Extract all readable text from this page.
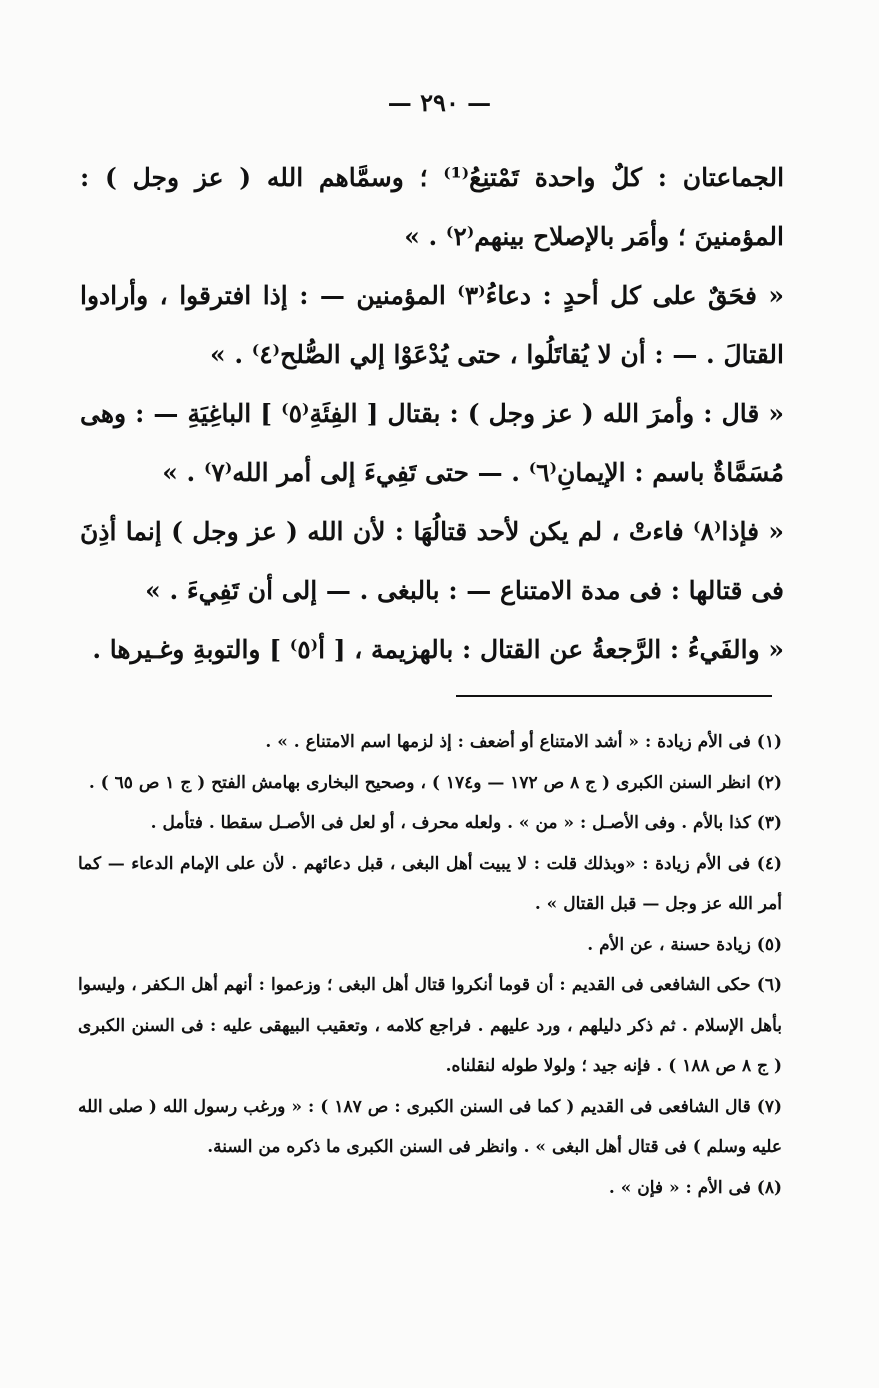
— ٢٩٠ —

الجماعتان : كلٌ واحدة تَمْتنِعُ⁽¹⁾ ؛ وسمَّاهم الله ( عز وجل ) : المؤمنينَ ؛ وأمَر بالإصلاح بينهم⁽٢⁾ . »

« فحَقٌ على كل أحدٍ : دعاءُ⁽٣⁾ المؤمنين — : إذا افترقوا ، وأرادوا القتالَ . — : أن لا يُقاتَلُوا ، حتى يُدْعَوْا إلي الصُّلح⁽٤⁾ . »

« قال : وأمرَ الله ( عز وجل ) : بقتال [ الفِئَةِ⁽٥⁾ ] الباغِيَةِ — : وهى مُسَمَّاةٌ باسم : الإيمانِ⁽٦⁾ . — حتى تَفِيءَ إلى أمر الله⁽٧⁾ . »

« فإذا⁽٨⁾ فاءتْ ، لم يكن لأحد قتالُهَا : لأن الله ( عز وجل ) إنما أذِنَ فى قتالها : فى مدة الامتناع — : بالبغى . — إلى أن تَفِيءَ . »

« والفَيءُ : الرَّجعةُ عن القتال : بالهزيمة ، [ أ⁽٥⁾ ] والتوبةِ وغـيرها .

(١) فى الأم زيادة : « أشد الامتناع أو أضعف : إذ لزمها اسم الامتناع . » .

(٢) انظر السنن الكبرى ( ج ٨ ص ١٧٢ — و١٧٤ ) ، وصحيح البخارى بهامش الفتح ( ج ١ ص ٦٥ ) .

(٣) كذا بالأم . وفى الأصـل : « من » . ولعله محرف ، أو لعل فى الأصـل سقطا . فتأمل .

(٤) فى الأم زيادة : «وبذلك قلت : لا يبيت أهل البغى ، قبل دعائهم . لأن على الإمام الدعاء — كما أمر الله عز وجل — قبل القتال » .

(٥) زيادة حسنة ، عن الأم .

(٦) حكى الشافعى فى القديم : أن قوما أنكروا قتال أهل البغى ؛ وزعموا : أنهم أهل الـكفر ، وليسوا بأهل الإسلام . ثم ذكر دليلهم ، ورد عليهم . فراجع كلامه ، وتعقيب البيهقى عليه : فى السنن الكبرى ( ج ٨ ص ١٨٨ ) . فإنه جيد ؛ ولولا طوله لنقلناه.

(٧) قال الشافعى فى القديم ( كما فى السنن الكبرى : ص ١٨٧ ) : « ورغب رسول الله ( صلى الله عليه وسلم ) فى قتال أهل البغى » . وانظر فى السنن الكبرى ما ذكره من السنة.

(٨) فى الأم : « فإن » .
